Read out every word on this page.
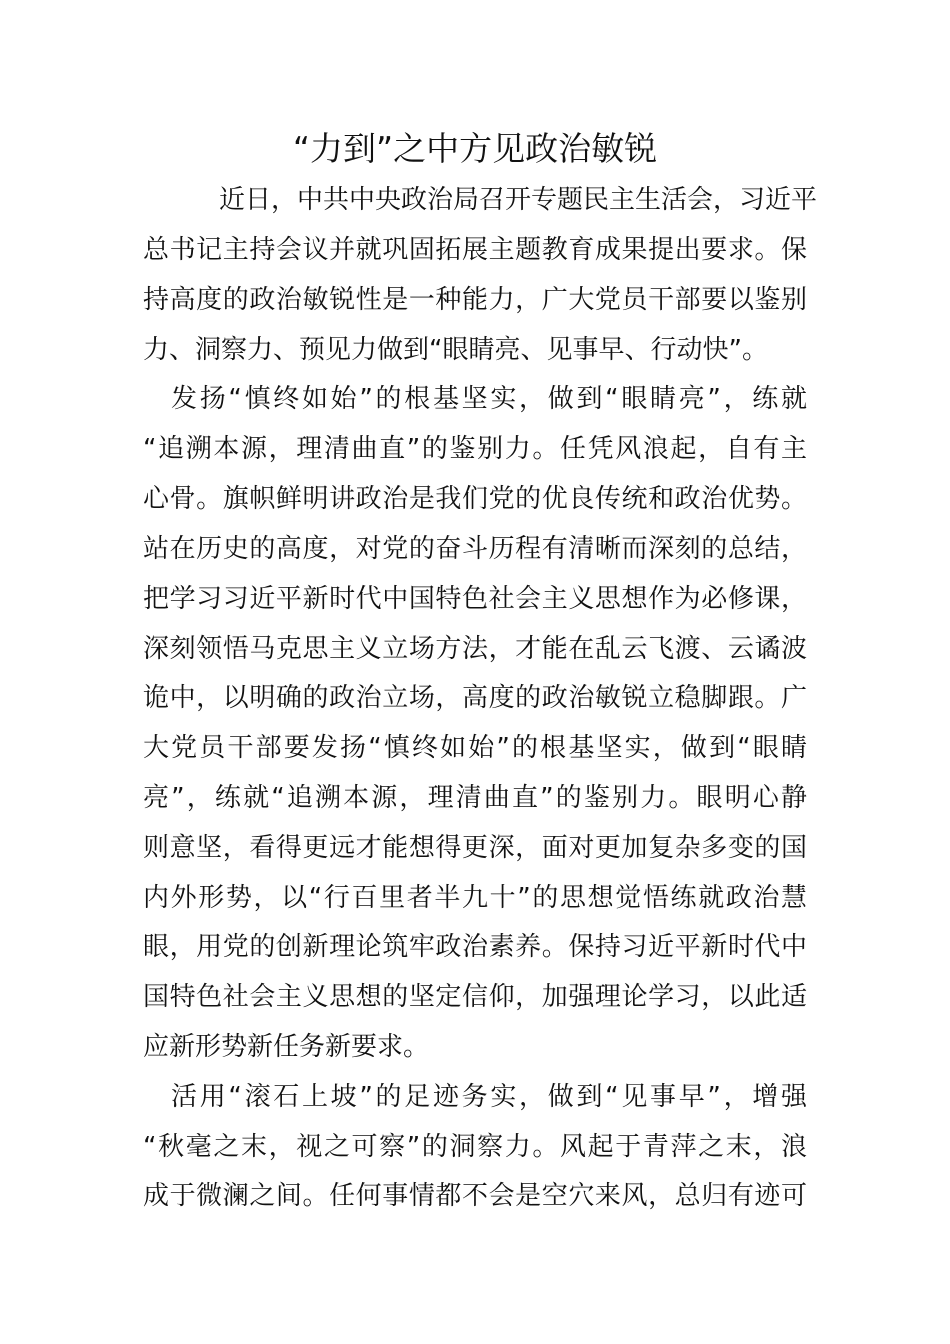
“力到”之中方见政治敏锐

近日，中共中央政治局召开专题民主生活会，习近平

总书记主持会议并就巩固拓展主题教育成果提出要求。保

持高度的政治敏锐性是一种能力，广大党员干部要以鉴别

力、洞察力、预见力做到“眼睛亮、见事早、行动快”。

发扬“慎终如始”的根基坚实，做到“眼睛亮”，练就

“追溯本源，理清曲直”的鉴别力。任凭风浪起，自有主

心骨。旗帜鲜明讲政治是我们党的优良传统和政治优势。

站在历史的高度，对党的奋斗历程有清晰而深刻的总结，

把学习习近平新时代中国特色社会主义思想作为必修课，

深刻领悟马克思主义立场方法，才能在乱云飞渡、云谲波

诡中，以明确的政治立场，高度的政治敏锐立稳脚跟。广

大党员干部要发扬“慎终如始”的根基坚实，做到“眼睛

亮”，练就“追溯本源，理清曲直”的鉴别力。眼明心静

则意坚，看得更远才能想得更深，面对更加复杂多变的国

内外形势，以“行百里者半九十”的思想觉悟练就政治慧

眼，用党的创新理论筑牢政治素养。保持习近平新时代中

国特色社会主义思想的坚定信仰，加强理论学习，以此适

应新形势新任务新要求。

活用“滚石上坡”的足迹务实，做到“见事早”，增强

“秋毫之末，视之可察”的洞察力。风起于青萍之末，浪

成于微澜之间。任何事情都不会是空穴来风，总归有迹可
